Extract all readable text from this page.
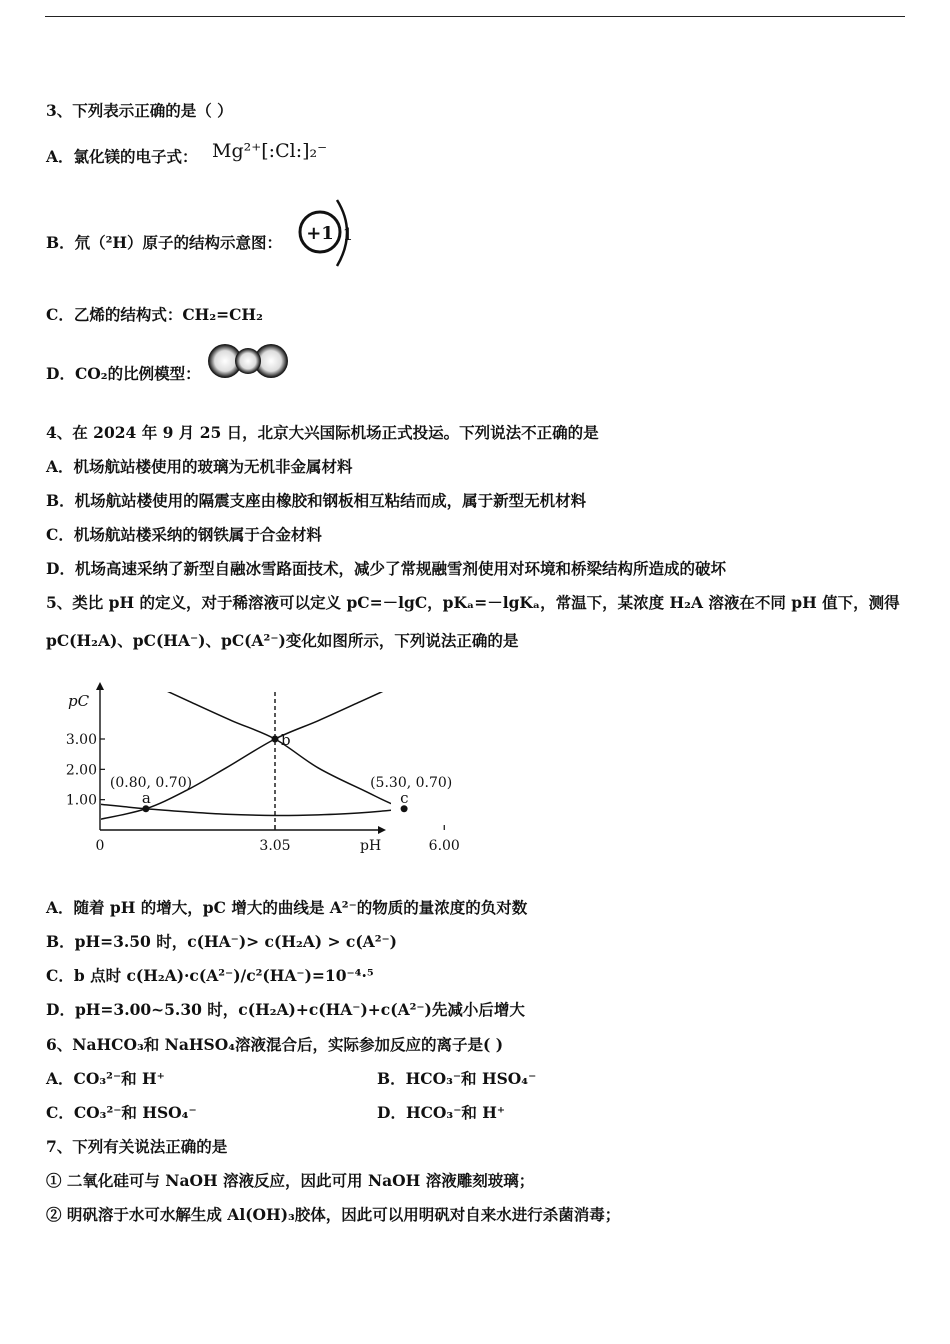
3、下列表示正确的是（ ）
A．氯化镁的电子式： Mg²⁺[:Cl:]₂⁻
B．氘（²H）原子的结构示意图： +1 1
C．乙烯的结构式：CH₂=CH₂
D．CO₂的比例模型：
4、在 2024 年 9 月 25 日，北京大兴国际机场正式投运。下列说法不正确的是
A．机场航站楼使用的玻璃为无机非金属材料
B．机场航站楼使用的隔震支座由橡胶和钢板相互粘结而成，属于新型无机材料
C．机场航站楼采纳的钢铁属于合金材料
D．机场高速采纳了新型自融冰雪路面技术，减少了常规融雪剂使用对环境和桥梁结构所造成的破坏
5、类比 pH 的定义，对于稀溶液可以定义 pC=－lgC，pKₐ=－lgKₐ，常温下，某浓度 H₂A 溶液在不同 pH 值下，测得
pC(H₂A)、pC(HA⁻)、pC(A²⁻)变化如图所示，下列说法正确的是
1.00
2.00
3.00
0	3.05	6.00
pC
pH
a
(0.80, 0.70)
b
c
(5.30, 0.70)
A．随着 pH 的增大，pC 增大的曲线是 A²⁻的物质的量浓度的负对数
B．pH=3.50 时，c(HA⁻)> c(H₂A) > c(A²⁻)
C．b 点时 c(H₂A)·c(A²⁻)/c²(HA⁻)=10⁻⁴·⁵
D．pH=3.00~5.30 时，c(H₂A)+c(HA⁻)+c(A²⁻)先减小后增大
6、NaHCO₃和 NaHSO₄溶液混合后，实际参加反应的离子是( )
A．CO₃²⁻和 H⁺	B．HCO₃⁻和 HSO₄⁻
C．CO₃²⁻和 HSO₄⁻	D．HCO₃⁻和 H⁺
7、下列有关说法正确的是
① 二氧化硅可与 NaOH 溶液反应，因此可用 NaOH 溶液雕刻玻璃；
② 明矾溶于水可水解生成 Al(OH)₃胶体，因此可以用明矾对自来水进行杀菌消毒；
